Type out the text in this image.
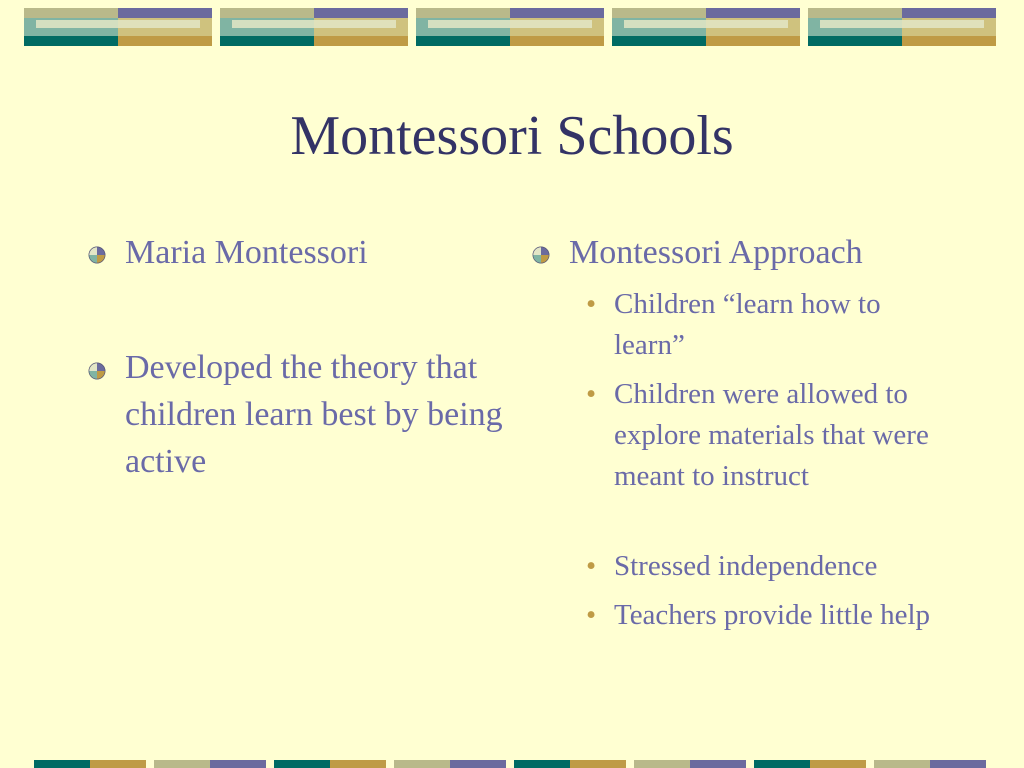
Montessori Schools

Maria Montessori

Developed the theory that children learn best by being active

Montessori Approach

• Children “learn how to learn”
• Children were allowed to explore materials that were meant to instruct
• Stressed independence
• Teachers provide little help
